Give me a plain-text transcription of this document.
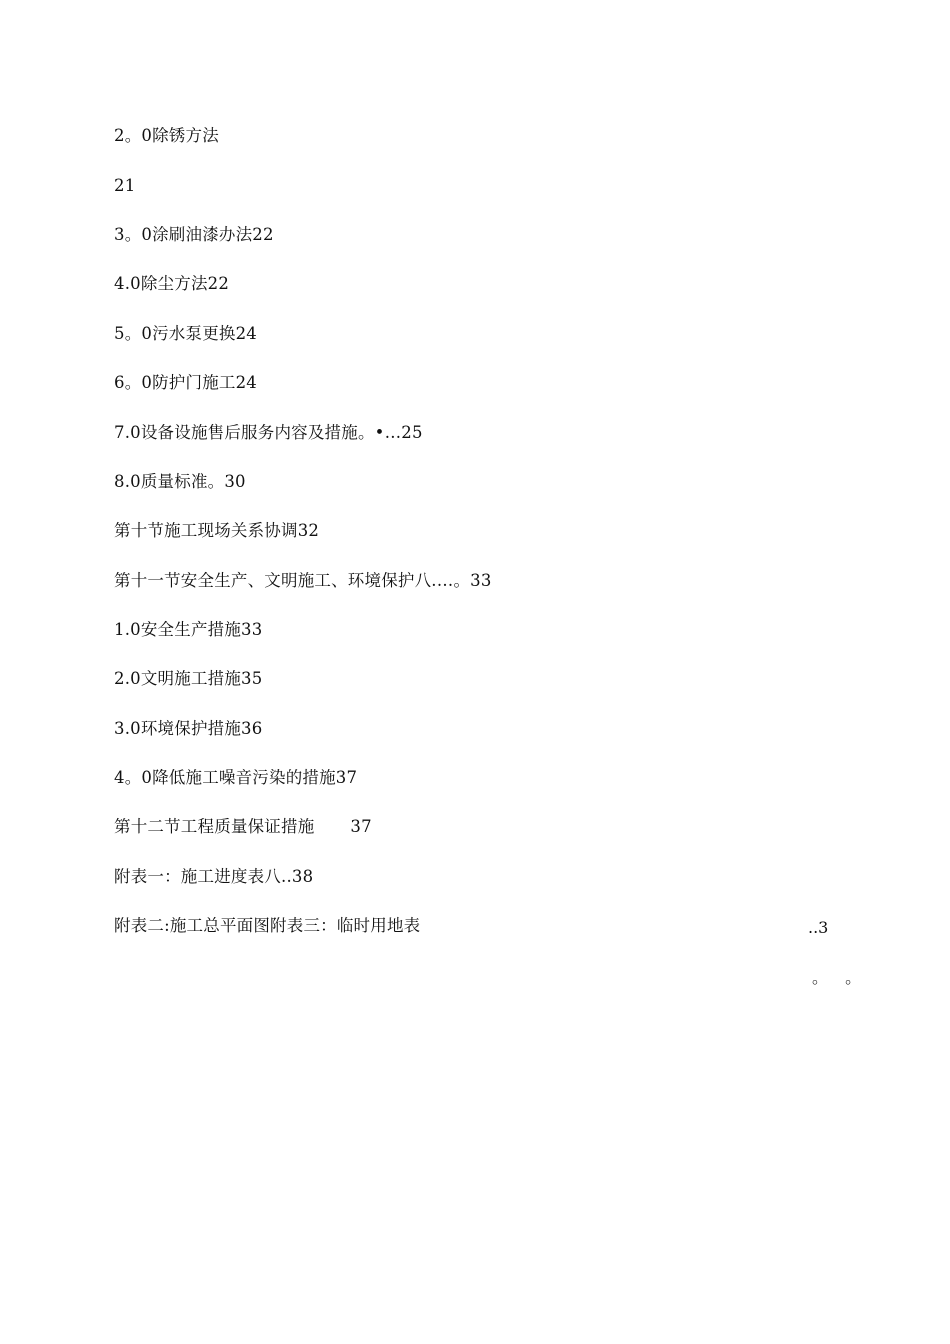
2。0除锈方法
21
3。0涂刷油漆办法22
4.0除尘方法22
5。0污水泵更换24
6。0防护门施工24
7.0设备设施售后服务内容及措施。•…25
8.0质量标准。30
第十节施工现场关系协调32
第十一节安全生产、文明施工、环境保护八.…。33
1.0安全生产措施33
2.0文明施工措施35
3.0环境保护措施36
4。0降低施工噪音污染的措施37
第十二节工程质量保证措施 37
附表一：施工进度表八..38
附表二:施工总平面图附表三：临时用地表	..3
。 。
